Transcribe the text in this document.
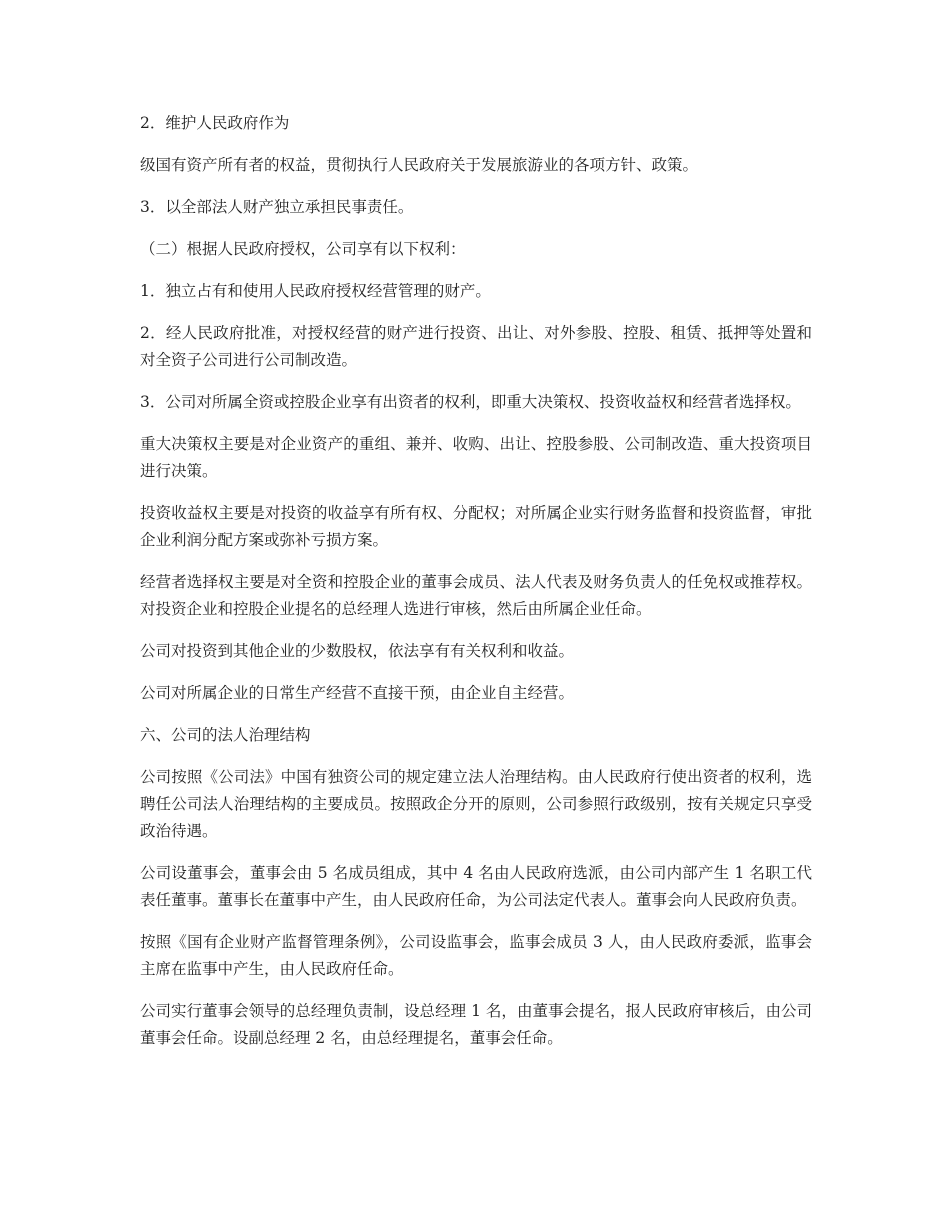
2．维护人民政府作为

级国有资产所有者的权益，贯彻执行人民政府关于发展旅游业的各项方针、政策。

3．以全部法人财产独立承担民事责任。

（二）根据人民政府授权，公司享有以下权利：

1．独立占有和使用人民政府授权经营管理的财产。

2．经人民政府批准，对授权经营的财产进行投资、出让、对外参股、控股、租赁、抵押等处置和对全资子公司进行公司制改造。

3．公司对所属全资或控股企业享有出资者的权利，即重大决策权、投资收益权和经营者选择权。

重大决策权主要是对企业资产的重组、兼并、收购、出让、控股参股、公司制改造、重大投资项目进行决策。

投资收益权主要是对投资的收益享有所有权、分配权；对所属企业实行财务监督和投资监督，审批企业利润分配方案或弥补亏损方案。

经营者选择权主要是对全资和控股企业的董事会成员、法人代表及财务负责人的任免权或推荐权。对投资企业和控股企业提名的总经理人选进行审核，然后由所属企业任命。

公司对投资到其他企业的少数股权，依法享有有关权利和收益。

公司对所属企业的日常生产经营不直接干预，由企业自主经营。

六、公司的法人治理结构

公司按照《公司法》中国有独资公司的规定建立法人治理结构。由人民政府行使出资者的权利，选聘任公司法人治理结构的主要成员。按照政企分开的原则，公司参照行政级别，按有关规定只享受政治待遇。

公司设董事会，董事会由 5 名成员组成，其中 4 名由人民政府选派，由公司内部产生 1 名职工代表任董事。董事长在董事中产生，由人民政府任命，为公司法定代表人。董事会向人民政府负责。

按照《国有企业财产监督管理条例》，公司设监事会，监事会成员 3 人，由人民政府委派，监事会主席在监事中产生，由人民政府任命。

公司实行董事会领导的总经理负责制，设总经理 1 名，由董事会提名，报人民政府审核后，由公司董事会任命。设副总经理 2 名，由总经理提名，董事会任命。
